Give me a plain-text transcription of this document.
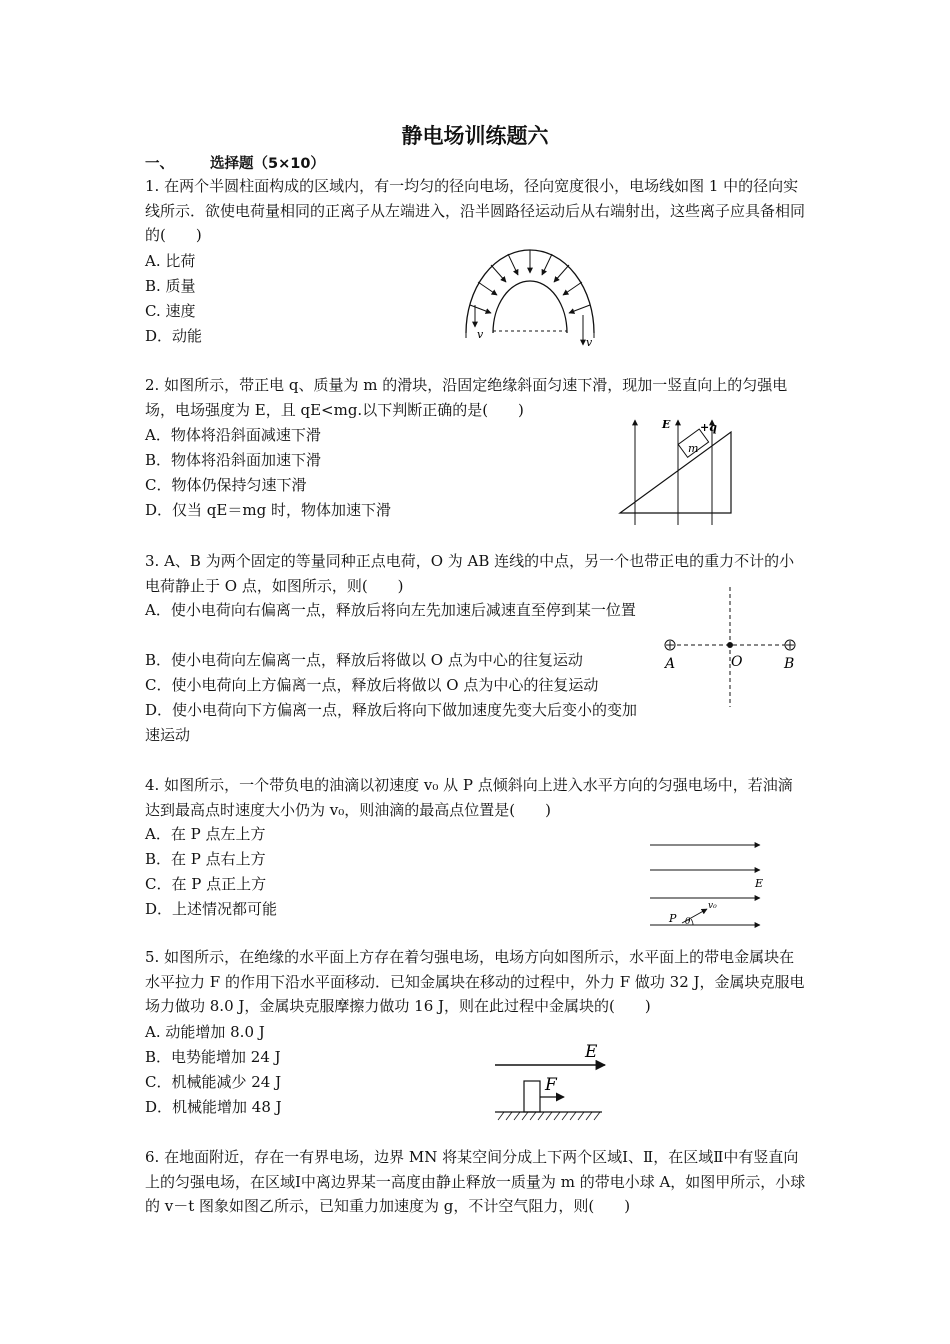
静电场训练题六
一、 选择题（5×10）
1. 在两个半圆柱面构成的区域内，有一均匀的径向电场，径向宽度很小，电场线如图 1 中的径向实线所示．欲使电荷量相同的正离子从左端进入，沿半圆路径运动后从右端射出，这些离子应具备相同的(　　)
A. 比荷
B. 质量
C. 速度
D．动能	v
v
2. 如图所示，带正电 q、质量为 m 的滑块，沿固定绝缘斜面匀速下滑，现加一竖直向上的匀强电场，电场强度为 E，且 qE<mg.以下判断正确的是(　　)
A．物体将沿斜面减速下滑
B．物体将沿斜面加速下滑
C．物体仍保持匀速下滑
D．仅当 qE＝mg 时，物体加速下滑
m
E	+q
3. A、B 为两个固定的等量同种正点电荷，O 为 AB 连线的中点，另一个也带正电的重力不计的小电荷静止于 O 点，如图所示，则(　　)
A．使小电荷向右偏离一点，释放后将向左先加速后减速直至停到某一位置
B．使小电荷向左偏离一点，释放后将做以 O 点为中心的往复运动
C．使小电荷向上方偏离一点，释放后将做以 O 点为中心的往复运动
D．使小电荷向下方偏离一点，释放后将向下做加速度先变大后变小的变加速运动
A	O	B
4. 如图所示，一个带负电的油滴以初速度 v₀ 从 P 点倾斜向上进入水平方向的匀强电场中，若油滴达到最高点时速度大小仍为 v₀，则油滴的最高点位置是(　　)
A．在 P 点左上方
B．在 P 点右上方
C．在 P 点正上方
D．上述情况都可能
E
P
v₀
θ
5. 如图所示，在绝缘的水平面上方存在着匀强电场，电场方向如图所示，水平面上的带电金属块在水平拉力 F 的作用下沿水平面移动．已知金属块在移动的过程中，外力 F 做功 32 J，金属块克服电场力做功 8.0 J，金属块克服摩擦力做功 16 J，则在此过程中金属块的(　　)
A. 动能增加 8.0 J
B．电势能增加 24 J
C．机械能减少 24 J
D．机械能增加 48 J
E
F
6. 在地面附近，存在一有界电场，边界 MN 将某空间分成上下两个区域Ⅰ、Ⅱ，在区域Ⅱ中有竖直向上的匀强电场，在区域Ⅰ中离边界某一高度由静止释放一质量为 m 的带电小球 A，如图甲所示，小球的 v－t 图象如图乙所示，已知重力加速度为 g，不计空气阻力，则(　　)
